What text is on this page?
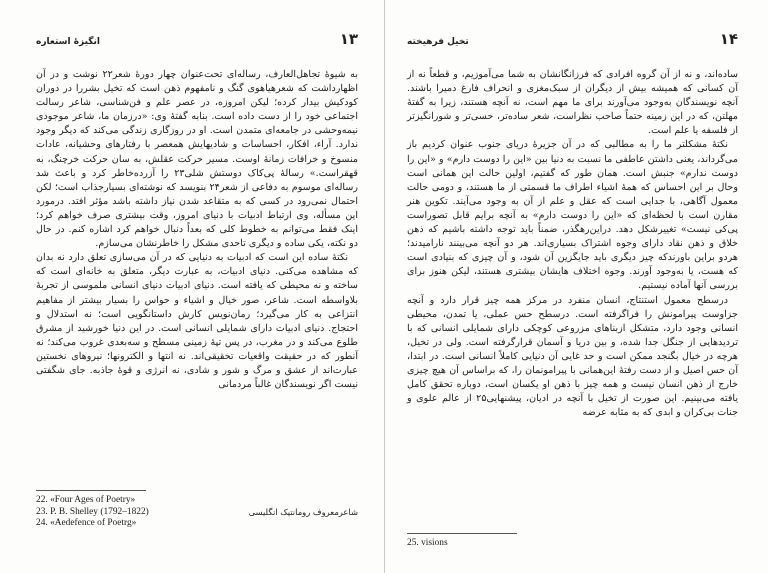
انگیزهٔ استعاره	۱۳

به شیوهٔ تجاهل‌العارف، رساله‌ای تحت‌عنوان چهار دورهٔ شعر۲۲ نوشت و در آن اظهارداشت که شعرهیاهوی گنگ و نامفهوم ذهن است که تخیل بشررا در دوران کودکیش بیدار کرده؛ لیکن امروزه، در عصر علم و فن‌شناسی، شاعر رسالت اجتماعی خود را از دست داده است. بنابه گفتهٔ وی: «درزمان ما، شاعر موجودی نیمه‌وحشی در جامعه‌ای متمدن است. او در روزگاری زندگی می‌کند که دیگر وجود ندارد. آراء، افکار، احساسات و شادیهایش همعصر با رفتارهای وحشیانه، عادات منسوخ و خرافات زمانهٔ اوست. مسیر حرکت عقلش، به سان حرکت خرچنگ، به قهقراست.» رسالهٔ پی‌کاک دوستش شلی۲۳ را آزرده‌خاطر کرد و باعث شد رساله‌ای موسوم به دفاعی از شعر۲۴ بنویسد که نوشته‌ای بسیارجذاب است؛ لکن احتمال نمی‌رود در کسی که به متقاعد شدن نیاز داشته باشد مؤثر افتد. درمورد این مسأله، وی ارتباط ادبیات با دنیای امروز، وقت بیشتری صرف خواهم کرد؛ اینک فقط می‌توانم به خطوط کلی که بعداً دنبال خواهم کرد اشاره کنم. در حال دو نکته، یکی ساده و دیگری تاحدی مشکل را خاطرنشان می‌سازم.

نکتهٔ ساده این است که ادبیات به دنیایی که در آن می‌سازی تعلق دارد نه بدان که مشاهده می‌کنی. دنیای ادبیات، به عبارت دیگر، متعلق به خانه‌ای است که ساخته و نه محیطی که یافته است. دنیای ادبیات دنیای انسانی ملموسی از تجربهٔ بلاواسطه است. شاعر، صور خیال و اشیاء و حواس را بسیار بیشتر از مفاهیم انتزاعی به کار می‌گیرد؛ رمان‌نویس کارش داستانگویی است؛ نه استدلال و احتجاج. دنیای ادبیات دارای شمایلی انسانی است. در این دنیا خورشید از مشرق طلوع می‌کند و در مغرب، در پس تپهٔ زمینی مسطح و سه‌بعدی غروب می‌کند؛ نه آنطور که در حقیقت واقعیات تحقیقی‌اند. نه انتها و الکترونها؛ نیروهای نخستین عبارت‌اند از عشق و مرگ و شور و شادی، نه انرژی و قوهٔ جاذبه. جای شگفتی نیست اگر نویسندگان غالباً مردمانی

22. «Four Ages of Poetry»
23. P. B. Shelley (1792–1822)	شاعرمعروف رومانتیک انگلیسی
24. «Aedefence of Poetrg»
تخیل فرهیخته	۱۴

ساده‌اند، و نه از آن گروه افرادی که فرزانگانشان به شما می‌آموزیم، و قطعاً نه از آن کسانی که همیشه بیش از دیگران از سبک‌مغزی و انحراف فارغ دمیرا باشند. آنچه نویسندگان به‌وجود می‌آورند برای ما مهم است، نه آنچه هستند، زیرا به گفتهٔ مهلتن، که در این زمینه حتماً صاحب نظراست، شعر ساده‌تر، حسی‌تر و شورانگیزتر از فلسفه یا علم است.

نکتهٔ مشکلتر ما را به مطالبی که در آن جزیرهٔ دریای جنوب عنوان کردیم باز می‌گرداند، یعنی داشتن عاطفی ما نسبت به دنیا بین «این را دوست دارم» و «این را دوست ندارم» جنبش است. همان طور که گفتیم، اولین حالت این همانی است وحال بر این احساس که همهٔ اشیاء اطراف ما قسمتی از ما هستند، و دومی حالت معمول آگاهی، با جدایی است که عقل و علم از آن به وجود می‌آیند. تکوین هنر مقارن است با لحظه‌ای که «این را دوست دارم» به آنچه برایم قابل تصوراست پی‌کی نیست» تغییرشکل دهد. دراین‌رهگذر، ضمناً باید توجه داشته باشیم که ذهن خلاق و ذهن نقاد دارای وجوه اشتراک بسیاری‌اند. هر دو آنچه می‌بینند نارامیدند؛ هردو براین باورندکه چیز دیگری باید جایگزین آن شود، و آن چیزی که بنیادی است که هست، یا به‌وجود آورند. وجوه اختلاف هایشان بیشتری هستند، لیکن هنوز برای بررسی آنها آماده نیستیم.

درسطح معمول استنتاج، انسان منفرد در مرکز همه چیز قرار دارد و آنچه جزاوست پیرامونش را فراگرفته است. درسطح حس عملی، یا تمدن، محیطی انسانی وجود دارد، متشکل ازبناهای مزروعی کوچکی دارای شمایلی انسانی که با تردیدهایی از جنگل جدا شده، و بین دریا و آسمان قرارگرفته است. ولی در تخیل، هرچه در خیال بگنجد ممکن است و حد غایی آن دنیایی کاملاً انسانی است. در ابتدا، آن حس اصیل و از دست رفتهٔ این‌همانی با پیرامونمان را، که براساس آن هیچ چیزی خارج از ذهن انسان نیست و همه چیز با ذهن او یکسان است، دوباره تحقق کامل یافته می‌بینیم. این صورت از تخیل با آنچه در ادیان، پیشنهایی۲۵ از عالم علوی و جنات بی‌کران و ابدی که به مثابه عرضه

25. visions
